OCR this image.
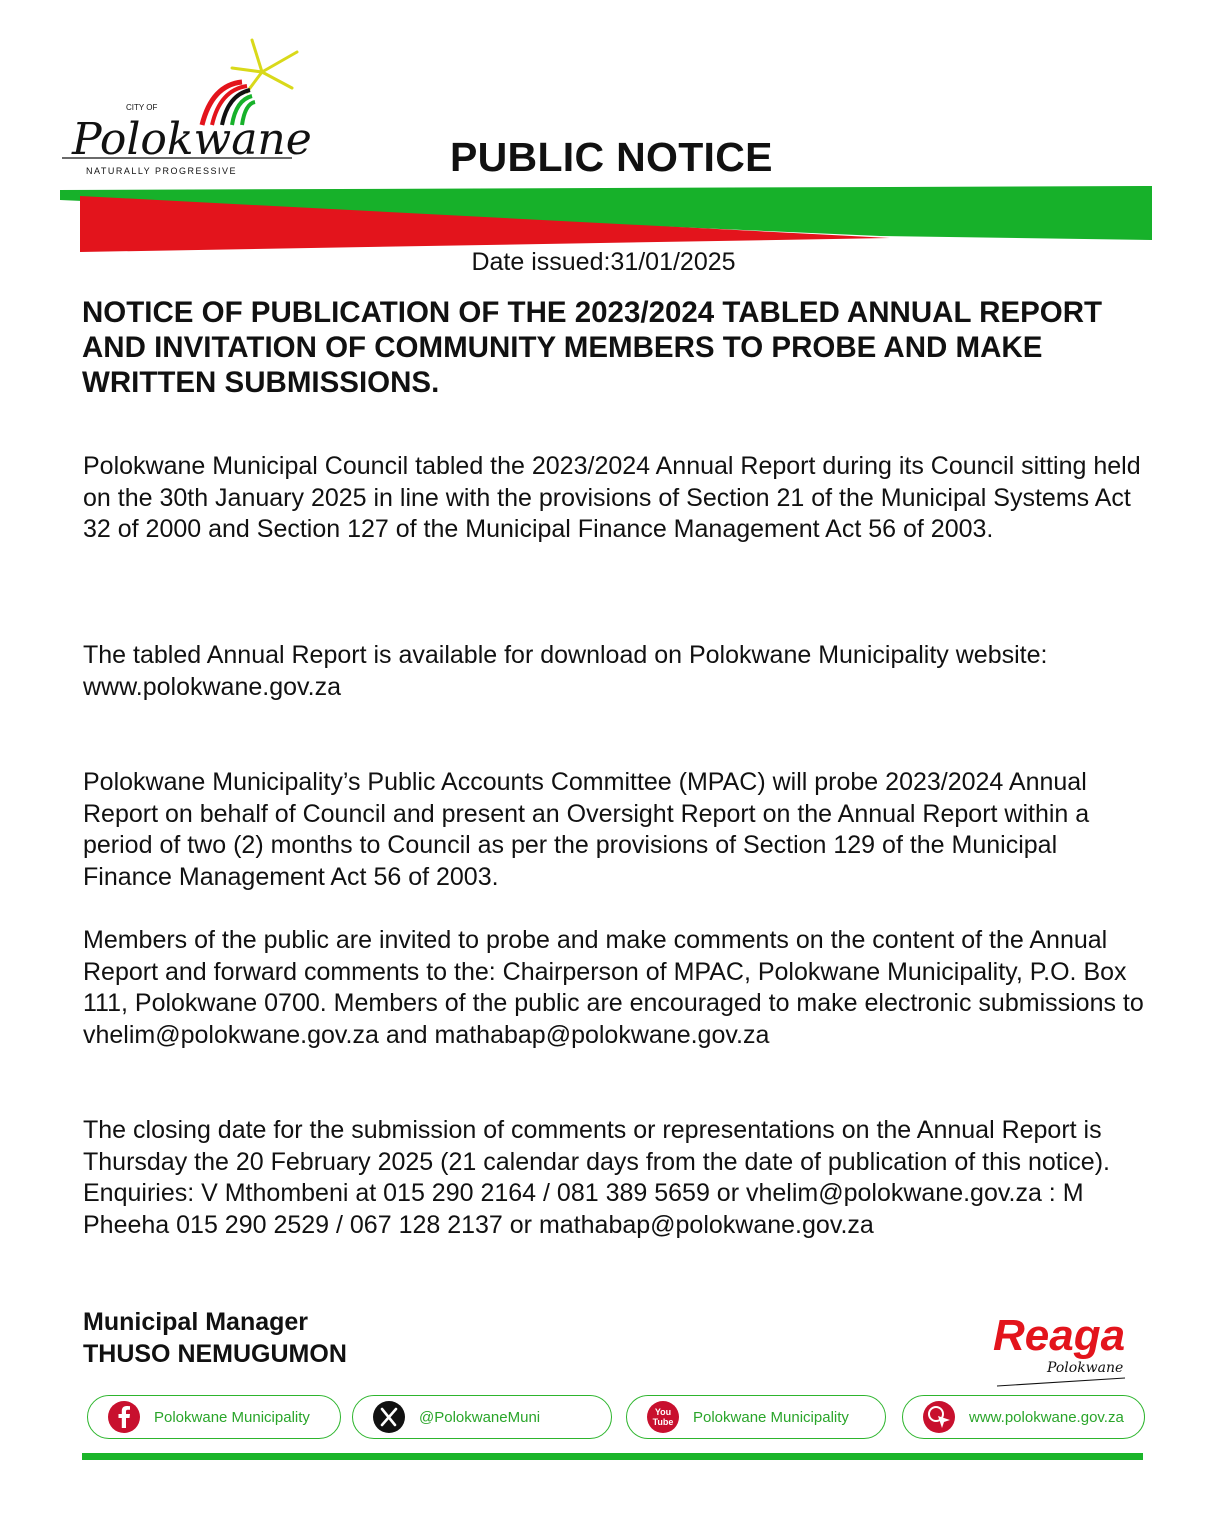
CITY OF
Polokwane
NATURALLY PROGRESSIVE	PUBLIC NOTICE
Date issued:31/01/2025
NOTICE OF PUBLICATION OF THE 2023/2024 TABLED ANNUAL REPORT AND INVITATION OF COMMUNITY MEMBERS TO PROBE AND MAKE WRITTEN SUBMISSIONS.
Polokwane Municipal Council tabled the 2023/2024 Annual Report during its Council sitting held on the 30th January 2025 in line with the provisions of Section 21 of the Municipal Systems Act 32 of 2000 and Section 127 of the Municipal Finance Management Act 56 of 2003.
The tabled Annual Report is available for download on Polokwane Municipality website: www.polokwane.gov.za
Polokwane Municipality’s Public Accounts Committee (MPAC) will probe 2023/2024 Annual Report on behalf of Council and present an Oversight Report on the Annual Report within a period of two (2) months to Council as per the provisions of Section 129 of the Municipal Finance Management Act 56 of 2003.
Members of the public are invited to probe and make comments on the content of the Annual Report and forward comments to the: Chairperson of MPAC, Polokwane Municipality, P.O. Box 111, Polokwane 0700. Members of the public are encouraged to make electronic submissions to vhelim@polokwane.gov.za and mathabap@polokwane.gov.za
The closing date for the submission of comments or representations on the Annual Report is Thursday the 20 February 2025 (21 calendar days from the date of publication of this notice). Enquiries: V Mthombeni at 015 290 2164 / 081 389 5659 or vhelim@polokwane.gov.za : M Pheeha 015 290 2529 / 067 128 2137 or mathabap@polokwane.gov.za
Municipal Manager
THUSO NEMUGUMON	Reaga
Polokwane
Polokwane Municipality	@PolokwaneMuni	You
Tube Polokwane Municipality	www.polokwane.gov.za
